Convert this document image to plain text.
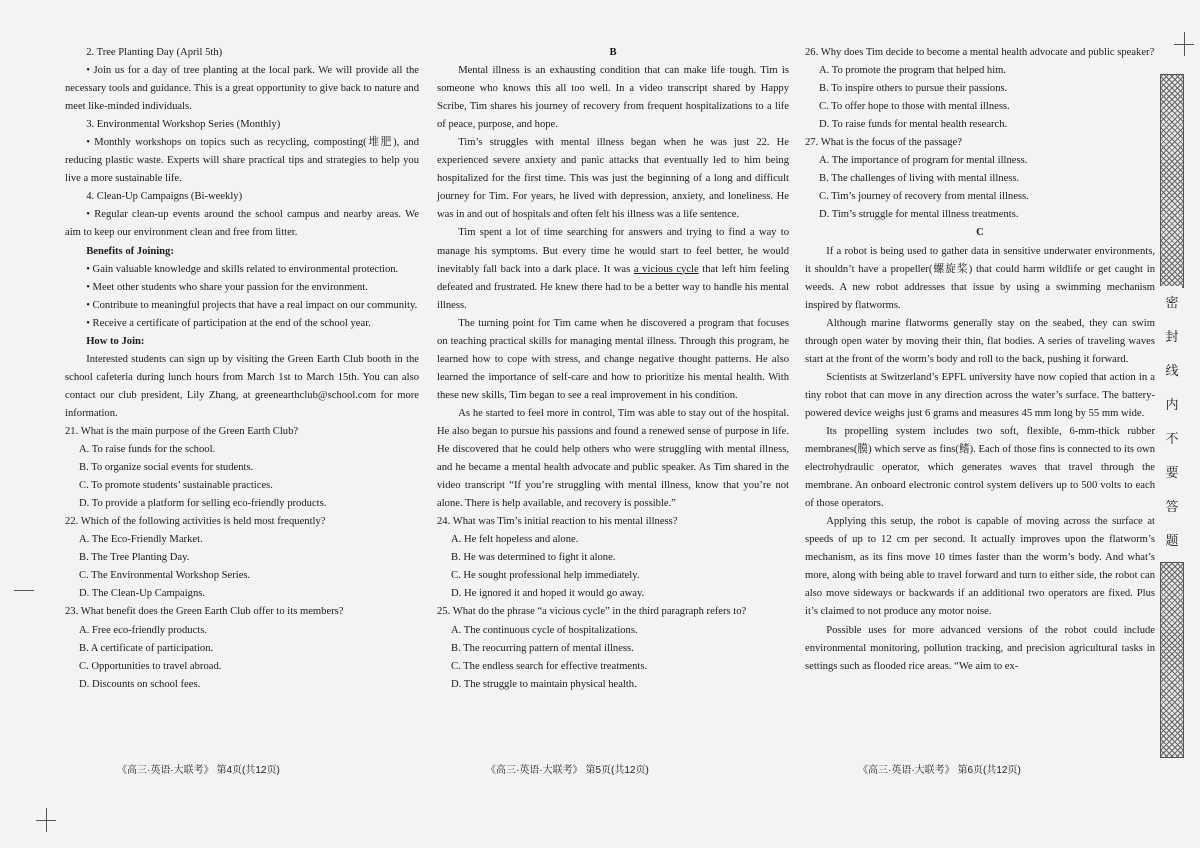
2. Tree Planting Day (April 5th)

• Join us for a day of tree planting at the local park. We will provide all the necessary tools and guidance. This is a great opportunity to give back to nature and meet like-minded individuals.

3. Environmental Workshop Series (Monthly)

• Monthly workshops on topics such as recycling, composting(堆肥), and reducing plastic waste. Experts will share practical tips and strategies to help you live a more sustainable life.

4. Clean-Up Campaigns (Bi-weekly)

• Regular clean-up events around the school campus and nearby areas. We aim to keep our environment clean and free from litter.

Benefits of Joining:

• Gain valuable knowledge and skills related to environmental protection.

• Meet other students who share your passion for the environment.

• Contribute to meaningful projects that have a real impact on our community.

• Receive a certificate of participation at the end of the school year.

How to Join:

Interested students can sign up by visiting the Green Earth Club booth in the school cafeteria during lunch hours from March 1st to March 15th. You can also contact our club president, Lily Zhang, at greenearthclub@school.com for more information.

21. What is the main purpose of the Green Earth Club?

A. To raise funds for the school.

B. To organize social events for students.

C. To promote students’ sustainable practices.

D. To provide a platform for selling eco-friendly products.

22. Which of the following activities is held most frequently?

A. The Eco-Friendly Market.

B. The Tree Planting Day.

C. The Environmental Workshop Series.

D. The Clean-Up Campaigns.

23. What benefit does the Green Earth Club offer to its members?

A. Free eco-friendly products.

B. A certificate of participation.

C. Opportunities to travel abroad.

D. Discounts on school fees.

B

Mental illness is an exhausting condition that can make life tough. Tim is someone who knows this all too well. In a video transcript shared by Happy Scribe, Tim shares his journey of recovery from frequent hospitalizations to a life of peace, purpose, and hope.

Tim’s struggles with mental illness began when he was just 22. He experienced severe anxiety and panic attacks that eventually led to him being hospitalized for the first time. This was just the beginning of a long and difficult journey for Tim. For years, he lived with depression, anxiety, and loneliness. He was in and out of hospitals and often felt his illness was a life sentence.

Tim spent a lot of time searching for answers and trying to find a way to manage his symptoms. But every time he would start to feel better, he would inevitably fall back into a dark place. It was a vicious cycle that left him feeling defeated and frustrated. He knew there had to be a better way to handle his mental illness.

The turning point for Tim came when he discovered a program that focuses on teaching practical skills for managing mental illness. Through this program, he learned how to cope with stress, and change negative thought patterns. He also learned the importance of self-care and how to prioritize his mental health. With these new skills, Tim began to see a real improvement in his condition.

As he started to feel more in control, Tim was able to stay out of the hospital. He also began to pursue his passions and found a renewed sense of purpose in life. He discovered that he could help others who were struggling with mental illness, and he became a mental health advocate and public speaker. As Tim shared in the video transcript “If you’re struggling with mental illness, know that you’re not alone. There is help available, and recovery is possible.”

24. What was Tim’s initial reaction to his mental illness?

A. He felt hopeless and alone.

B. He was determined to fight it alone.

C. He sought professional help immediately.

D. He ignored it and hoped it would go away.

25. What do the phrase “a vicious cycle” in the third paragraph refers to?

A. The continuous cycle of hospitalizations.

B. The reocurring pattern of mental illness.

C. The endless search for effective treatments.

D. The struggle to maintain physical health.

26. Why does Tim decide to become a mental health advocate and public speaker?

A. To promote the program that helped him.

B. To inspire others to pursue their passions.

C. To offer hope to those with mental illness.

D. To raise funds for mental health research.

27. What is the focus of the passage?

A. The importance of program for mental illness.

B. The challenges of living with mental illness.

C. Tim’s journey of recovery from mental illness.

D. Tim’s struggle for mental illness treatments.

C

If a robot is being used to gather data in sensitive underwater environments, it shouldn’t have a propeller(螺旋桨) that could harm wildlife or get caught in weeds. A new robot addresses that issue by using a swimming mechanism inspired by flatworms.

Although marine flatworms generally stay on the seabed, they can swim through open water by moving their thin, flat bodies. A series of traveling waves start at the front of the worm’s body and roll to the back, pushing it forward.

Scientists at Switzerland’s EPFL university have now copied that action in a tiny robot that can move in any direction across the water’s surface. The battery-powered device weighs just 6 grams and measures 45 mm long by 55 mm wide.

Its propelling system includes two soft, flexible, 6-mm-thick rubber membranes(膜) which serve as fins(鳍). Each of those fins is connected to its own electrohydraulic operator, which generates waves that travel through the membrane. An onboard electronic control system delivers up to 500 volts to each of those operators.

Applying this setup, the robot is capable of moving across the surface at speeds of up to 12 cm per second. It actually improves upon the flatworm’s mechanism, as its fins move 10 times faster than the worm’s body. And what’s more, along with being able to travel forward and turn to either side, the robot can also move sideways or backwards if an additional two operators are fixed. Plus it’s claimed to not produce any motor noise.

Possible uses for more advanced versions of the robot could include environmental monitoring, pollution tracking, and precision agricultural tasks in settings such as flooded rice areas. “We aim to ex-

《高三·英语·大联考》 第4页(共12页)	《高三·英语·大联考》 第5页(共12页)	《高三·英语·大联考》 第6页(共12页)
密
封
线
内
不
要
答
题
